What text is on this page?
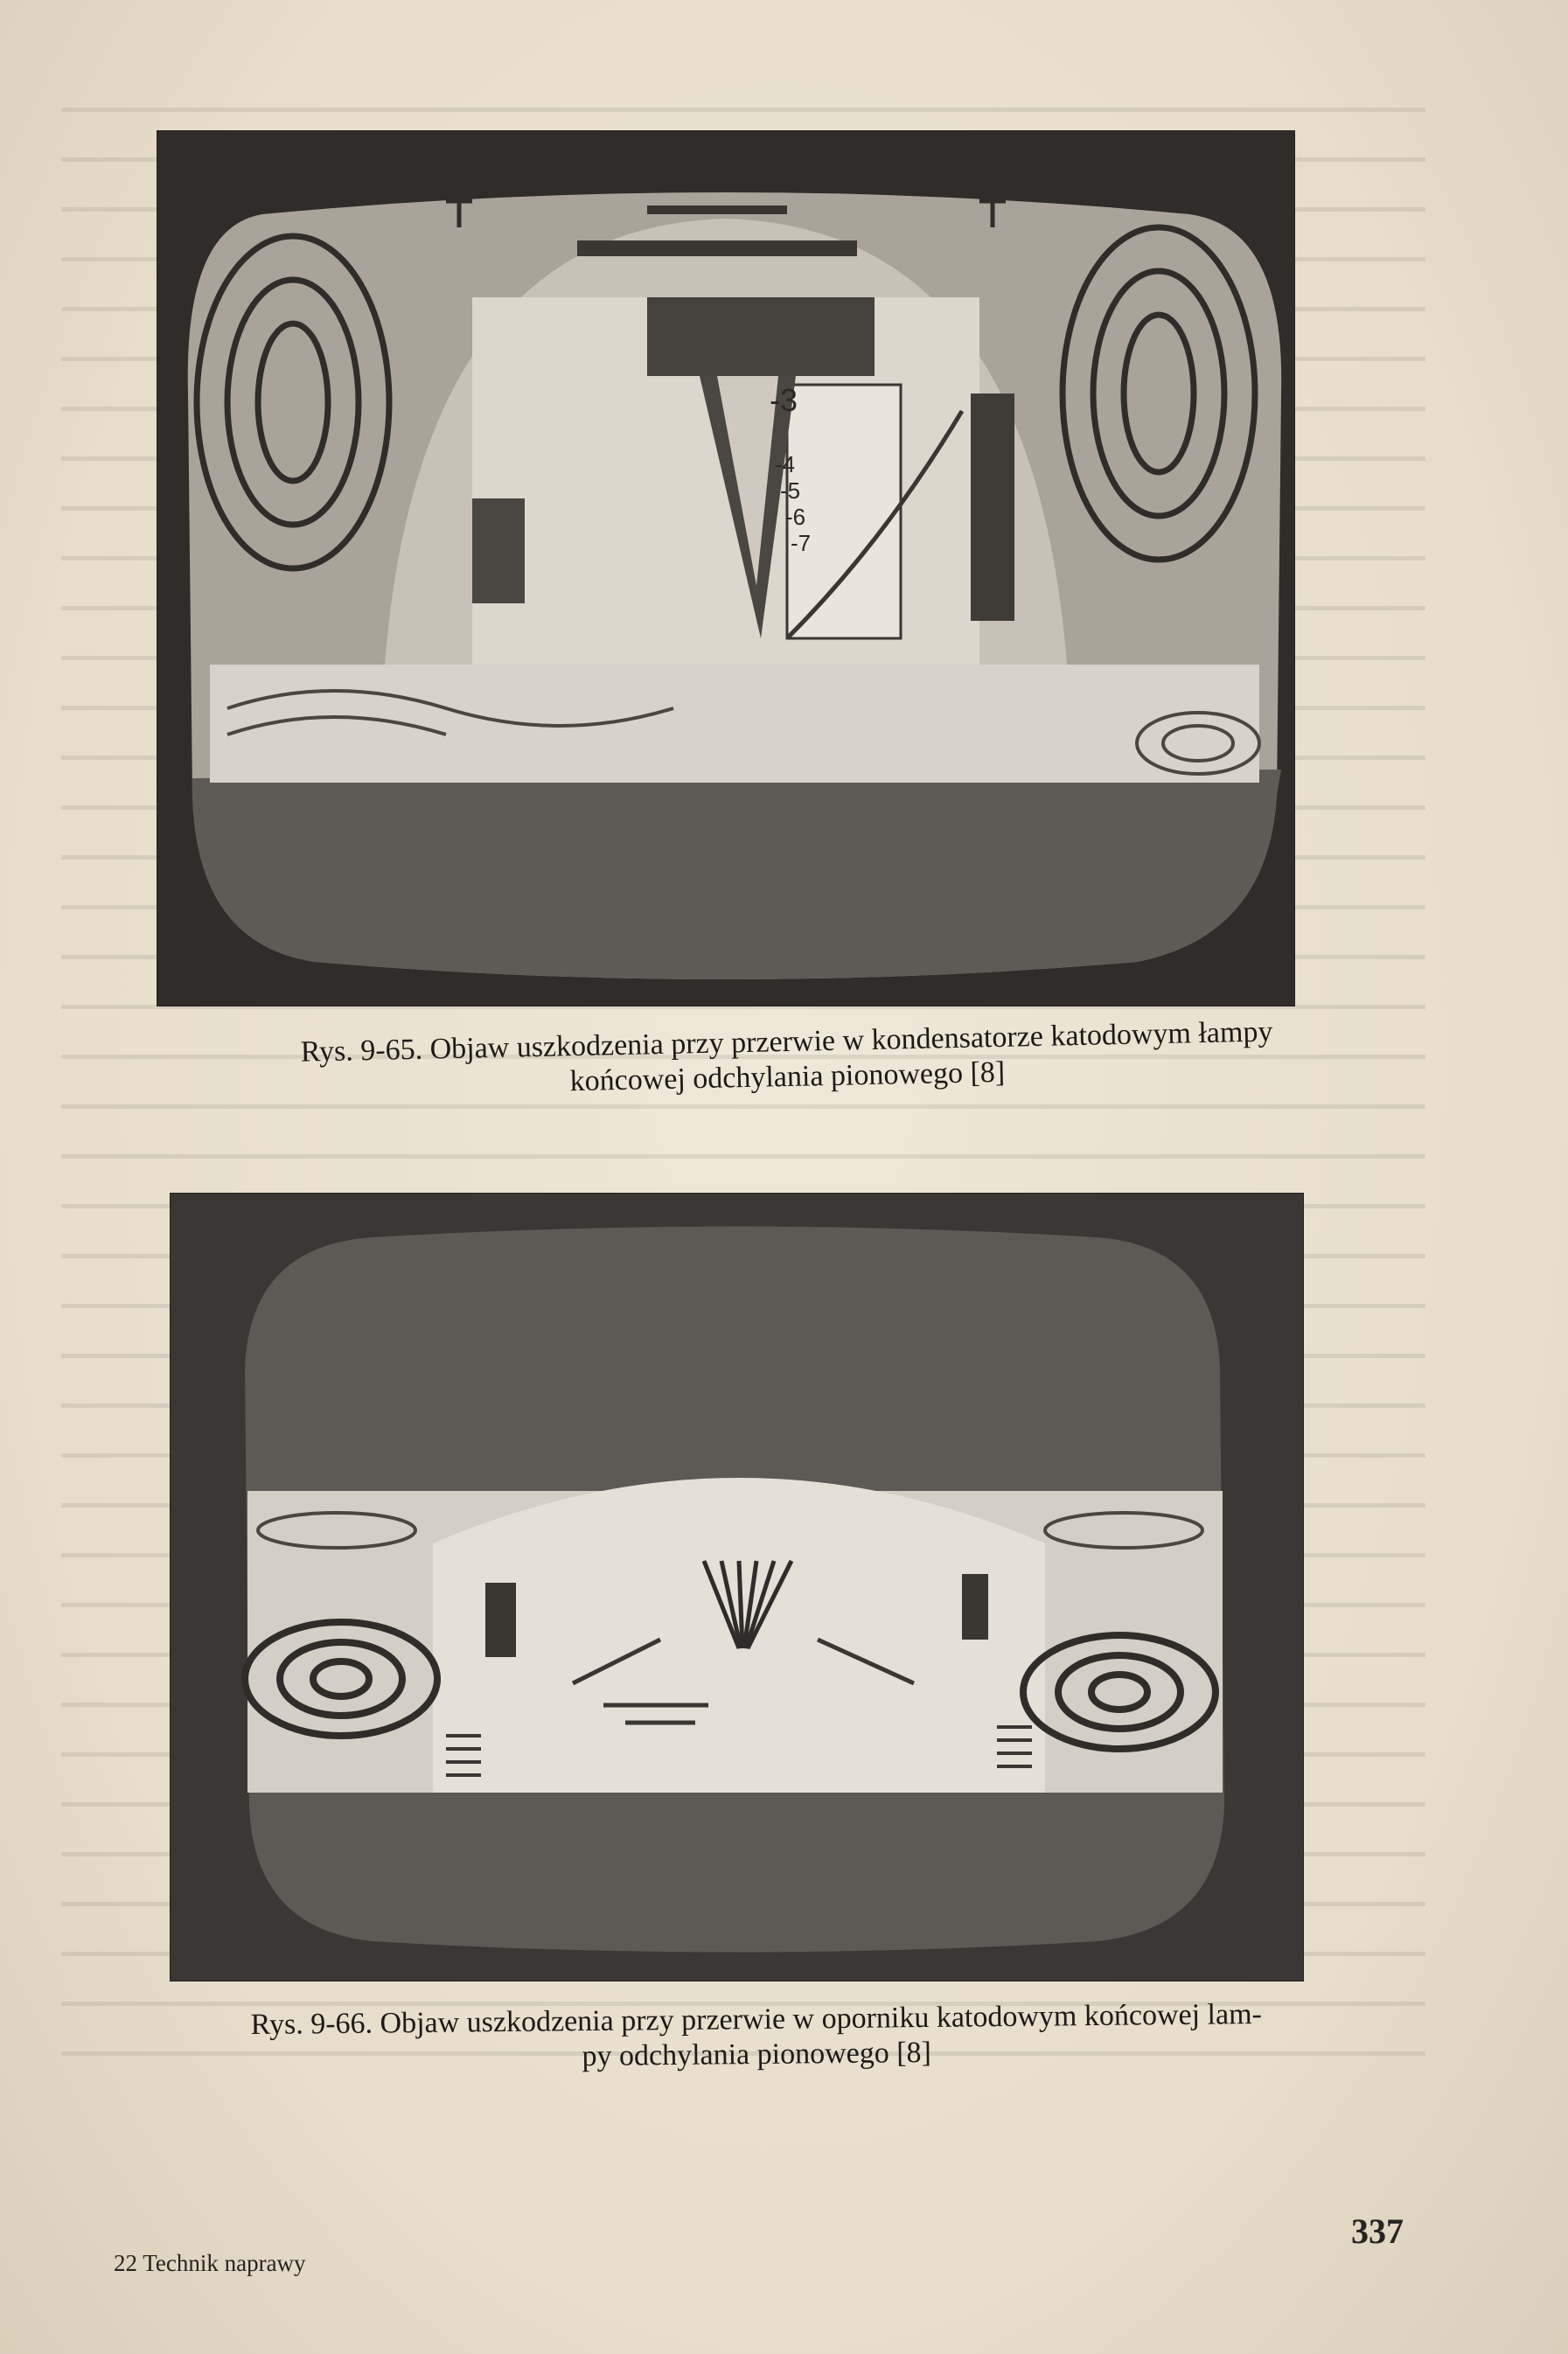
-3
-4
-5
-6
-7
Rys. 9-65. Objaw uszkodzenia przy przerwie w kondensatorze katodowym łampy
końcowej odchylania pionowego [8]
Rys. 9-66. Objaw uszkodzenia przy przerwie w oporniku katodowym końcowej lam-
py odchylania pionowego [8]
22 Technik naprawy
337
